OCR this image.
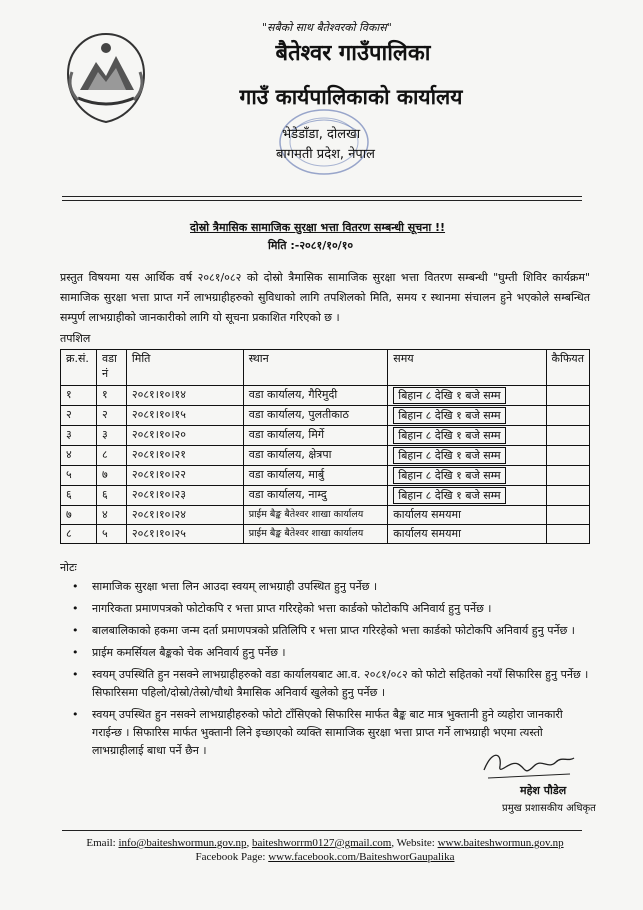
"सबैको साथ बैतेश्वरको विकास"
बैतेश्वर गाउँपालिका
गाउँ कार्यपालिकाको कार्यालय
भेडेडाँडा, दोलखा
बागमती प्रदेश, नेपाल
दोस्रो त्रैमासिक सामाजिक सुरक्षा भत्ता वितरण सम्बन्धी सूचना !!
मिति :-२०८१/१०/१०
प्रस्तुत विषयमा यस आर्थिक वर्ष २०८१/०८२ को दोस्रो त्रैमासिक सामाजिक सुरक्षा भत्ता वितरण सम्बन्धी "घुम्ती शिविर कार्यक्रम" सामाजिक सुरक्षा भत्ता प्राप्त गर्ने लाभग्राहीहरुको सुविधाको लागि तपशिलको मिति, समय र स्थानमा संचालन हुने भएकोले सम्बन्धित सम्पुर्ण लाभग्राहीको जानकारीको लागि यो सूचना प्रकाशित गरिएको छ ।
तपशिल
क्र.सं.	वडा नं	मिति	स्थान	समय	कैफियत
१	१	२०८१।१०।१४	वडा कार्यालय, गैरिमुदी	बिहान ८ देखि १ बजे सम्म	
२	२	२०८१।१०।१५	वडा कार्यालय, पुलतीकाठ	बिहान ८ देखि १ बजे सम्म	
३	३	२०८१।१०।२०	वडा कार्यालय, मिर्गे	बिहान ८ देखि १ बजे सम्म	
४	८	२०८१।१०।२१	वडा कार्यालय, क्षेत्रपा	बिहान ८ देखि १ बजे सम्म	
५	७	२०८१।१०।२२	वडा कार्यालय, मार्बु	बिहान ८ देखि १ बजे सम्म	
६	६	२०८१।१०।२३	वडा कार्यालय, नाम्दु	बिहान ८ देखि १ बजे सम्म	
७	४	२०८१।१०।२४	प्राईम बैङ्क बैतेश्वर शाखा कार्यालय	कार्यालय समयमा	
८	५	२०८१।१०।२५	प्राईम बैङ्क बैतेश्वर शाखा कार्यालय	कार्यालय समयमा	
नोटः
• सामाजिक सुरक्षा भत्ता लिन आउदा स्वयम् लाभग्राही उपस्थित हुनु पर्नेछ ।
• नागरिकता प्रमाणपत्रको फोटोकपि र भत्ता प्राप्त गरिरहेको भत्ता कार्डको फोटोकपि अनिवार्य हुनु पर्नेछ ।
• बालबालिकाको हकमा जन्म दर्ता प्रमाणपत्रको प्रतिलिपि र भत्ता प्राप्त गरिरहेको भत्ता कार्डको फोटोकपि अनिवार्य हुनु पर्नेछ ।
• प्राईम कमर्सियल बैङ्कको चेक अनिवार्य हुनु पर्नेछ ।
• स्वयम् उपस्थिति हुन नसक्ने लाभग्राहीहरुको वडा कार्यालयबाट आ.व. २०८१/०८२ को फोटो सहितको नयाँ सिफारिस हुनु पर्नेछ । सिफारिसमा पहिलो/दोस्रो/तेस्रो/चौथो त्रैमासिक अनिवार्य खुलेको हुनु पर्नेछ ।
• स्वयम् उपस्थित हुन नसक्ने लाभग्राहीहरुको फोटो टाँसिएको सिफारिस मार्फत बैङ्क बाट मात्र भुक्तानी हुने व्यहोरा जानकारी गराईन्छ । सिफारिस मार्फत भुक्तानी लिने इच्छाएको व्यक्ति सामाजिक सुरक्षा भत्ता प्राप्त गर्ने लाभग्राही भएमा त्यस्तो लाभग्राहीलाई बाधा पर्ने छैन ।
महेश पौडेल
प्रमुख प्रशासकीय अधिकृत
Email: info@baiteshwormun.gov.np, baiteshworrm0127@gmail.com, Website: www.baiteshwormun.gov.np
Facebook Page: www.facebook.com/BaiteshworGaupalika
